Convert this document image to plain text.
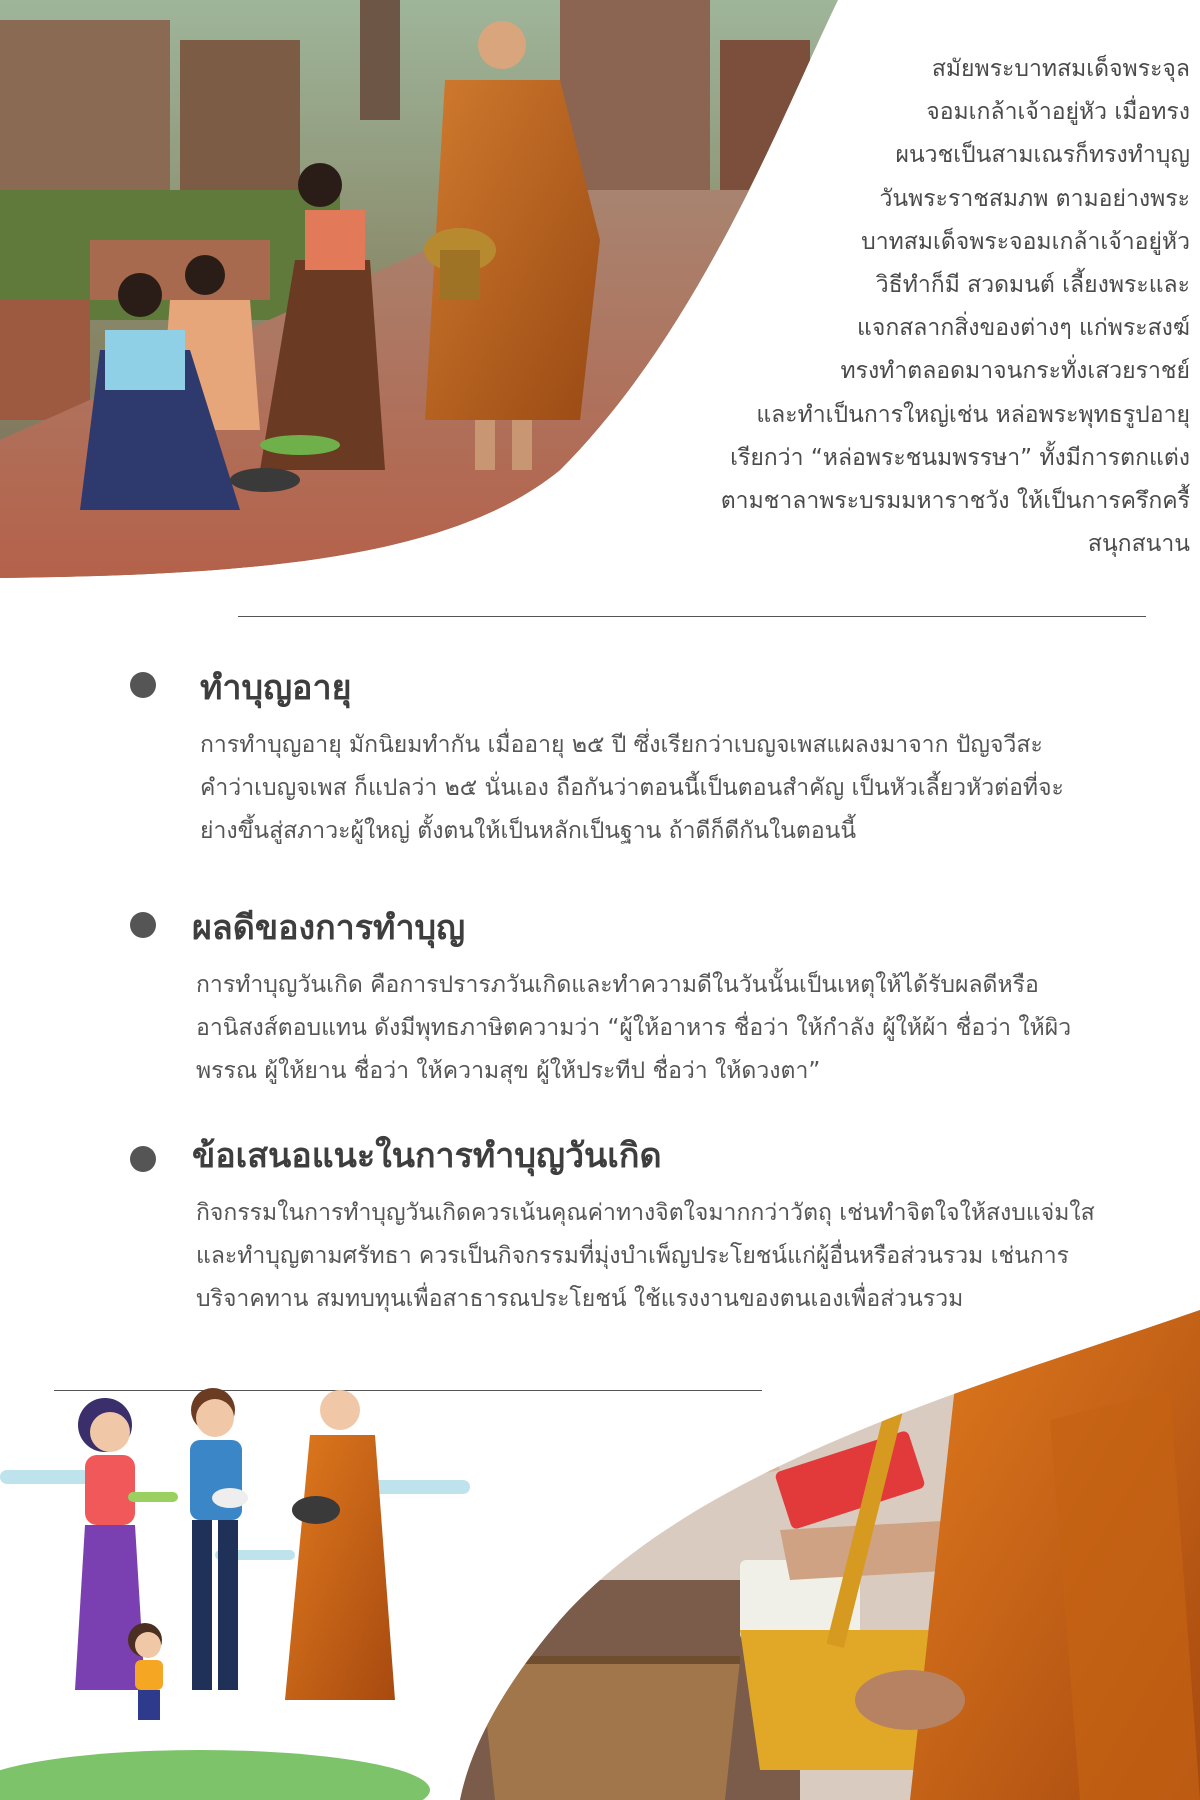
สมัยพระบาทสมเด็จพระจุล
จอมเกล้าเจ้าอยู่หัว เมื่อทรง
ผนวชเป็นสามเณรก็ทรงทำบุญ
วันพระราชสมภพ ตามอย่างพระ
บาทสมเด็จพระจอมเกล้าเจ้าอยู่หัว
วิธีทำก็มี สวดมนต์ เลี้ยงพระและ
แจกสลากสิ่งของต่างๆ แก่พระสงฆ์
ทรงทำตลอดมาจนกระทั่งเสวยราชย์
และทำเป็นการใหญ่เช่น หล่อพระพุทธรูปอายุ
เรียกว่า “หล่อพระชนมพรรษา” ทั้งมีการตกแต่ง
ตามชาลาพระบรมมหาราชวัง ให้เป็นการครึกครื้
สนุกสนาน
ทำบุญอายุ
การทำบุญอายุ มักนิยมทำกัน เมื่ออายุ ๒๕ ปี ซึ่งเรียกว่าเบญจเพสแผลงมาจาก ปัญจวีสะ
คำว่าเบญจเพส ก็แปลว่า ๒๕ นั่นเอง ถือกันว่าตอนนี้เป็นตอนสำคัญ เป็นหัวเลี้ยวหัวต่อที่จะ
ย่างขึ้นสู่สภาวะผู้ใหญ่ ตั้งตนให้เป็นหลักเป็นฐาน ถ้าดีก็ดีกันในตอนนี้
ผลดีของการทำบุญ
การทำบุญวันเกิด คือการปรารภวันเกิดและทำความดีในวันนั้นเป็นเหตุให้ได้รับผลดีหรือ
อานิสงส์ตอบแทน ดังมีพุทธภาษิตความว่า “ผู้ให้อาหาร ชื่อว่า ให้กำลัง ผู้ให้ผ้า ชื่อว่า ให้ผิว
พรรณ ผู้ให้ยาน ชื่อว่า ให้ความสุข ผู้ให้ประทีป ชื่อว่า ให้ดวงตา”
ข้อเสนอแนะในการทำบุญวันเกิด
กิจกรรมในการทำบุญวันเกิดควรเน้นคุณค่าทางจิตใจมากกว่าวัตถุ เช่นทำจิตใจให้สงบแจ่มใส
และทำบุญตามศรัทธา ควรเป็นกิจกรรมที่มุ่งบำเพ็ญประโยชน์แก่ผู้อื่นหรือส่วนรวม เช่นการ
บริจาคทาน สมทบทุนเพื่อสาธารณประโยชน์ ใช้แรงงานของตนเองเพื่อส่วนรวม
